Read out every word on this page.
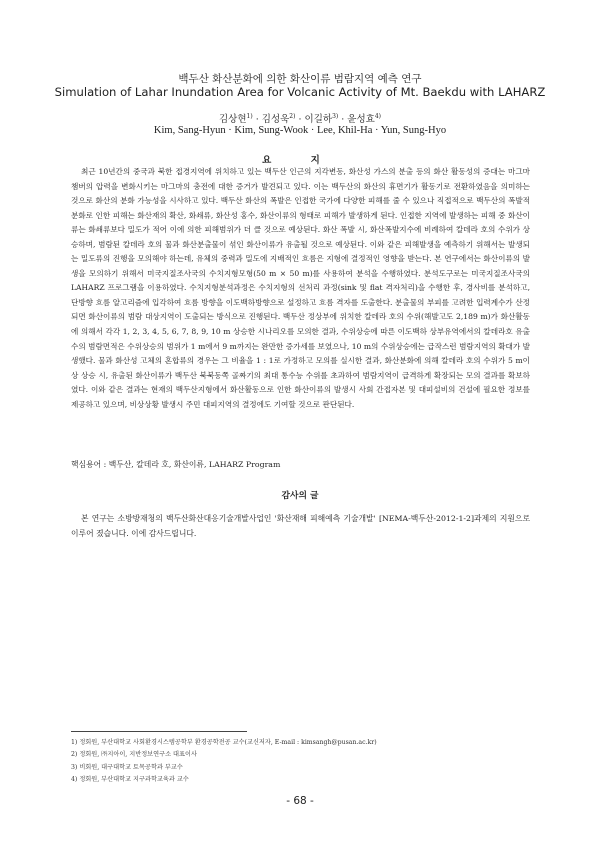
백두산 화산분화에 의한 화산이류 범람지역 예측 연구
Simulation of Lahar Inundation Area for Volcanic Activity of Mt. Baekdu with LAHARZ
김상현$^{1)}$ · 김성욱$^{2)}$ · 이길하$^{3)}$ · 윤성효$^{4)}$
Kim, Sang-Hyun · Kim, Sung-Wook · Lee, Khil-Ha · Yun, Sung-Hyo
요 지

최근 10년간의 중국과 북한 접경지역에 위치하고 있는 백두산 인근의 지각변동, 화산성 가스의 분출 등의 화산 활동성의 증대는 마그마 챔버의 압력을 변화시키는 마그마의 충전에 대한 증거가 발견되고 있다. 이는 백두산의 화산의 휴면기가 활동기로 전환하였음을 의미하는 것으로 화산의 분화 가능성을 시사하고 있다. 백두산 화산의 폭발은 인접한 국가에 다양한 피해를 줄 수 있으나 직접적으로 백두산의 폭발적 분화로 인한 피해는 화산재의 확산, 화쇄류, 화산성 홍수, 화산이류의 형태로 피해가 발생하게 된다. 인접한 지역에 발생하는 피해 중 화산이류는 화쇄류보다 밀도가 적어 이에 의한 피해범위가 더 클 것으로 예상된다. 화산 폭발 시, 화산폭발지수에 비례하여 칼데라 호의 수위가 상승하며, 범람된 칼데라 호의 물과 화산분출물이 섞인 화산이류가 유출될 것으로 예상된다. 이와 같은 피해발생을 예측하기 위해서는 발생되는 밀도류의 진행을 모의해야 하는데, 유체의 중력과 밀도에 지배적인 흐름은 지형에 결정적인 영향을 받는다. 본 연구에서는 화산이류의 발생을 모의하기 위해서 미국지질조사국의 수치지형모형(50 m × 50 m)를 사용하여 분석을 수행하였다. 분석도구로는 미국지질조사국의 LAHARZ 프로그램을 이용하였다. 수치지형분석과정은 수치지형의 선처리 과정(sink 및 flat 격자처리)을 수행한 후, 경사비를 분석하고, 단방향 흐름 알고리즘에 입각하여 흐름 방향을 이도백하방향으로 설정하고 흐름 격자를 도출한다. 분출물의 부피를 고려한 입력계수가 산정되면 화산이류의 범람 대상지역이 도출되는 방식으로 진행된다. 백두산 정상부에 위치한 칼데라 호의 수위(해발고도 2,189 m)가 화산활동에 의해서 각각 1, 2, 3, 4, 5, 6, 7, 8, 9, 10 m 상승한 시나리오를 모의한 결과, 수위상승에 따른 이도백하 상부유역에서의 칼데라호 유출수의 범람면적은 수위상승의 범위가 1 m에서 9 m까지는 완만한 증가세를 보였으나, 10 m의 수위상승에는 급작스런 범람지역의 확대가 발생했다. 물과 화산성 고체의 혼합류의 경우는 그 비율을 1 : 1로 가정하고 모의를 실시한 결과, 화산분화에 의해 칼데라 호의 수위가 5 m이상 상승 시, 유출된 화산이류가 백두산 북북동쪽 골짜기의 최대 통수능 수위를 초과하여 범람지역이 급격하게 확장되는 모의 결과를 확보하였다. 이와 같은 결과는 현재의 백두산지형에서 화산활동으로 인한 화산이류의 발생시 사회 간접자본 및 대피설비의 건설에 필요한 정보를 제공하고 있으며, 비상상황 발생시 주민 대피지역의 결정에도 기여할 것으로 판단된다.

핵심용어 : 백두산, 칼데라 호, 화산이류, LAHARZ Program
감사의 글

본 연구는 소방방재청의 백두산화산대응기술개발사업인 '화산재해 피해예측 기술개발' [NEMA-백두산-2012-1-2]과제의 지원으로 이루어 졌습니다. 이에 감사드립니다.

1) 정회원, 부산대학교 사회환경시스템공학부 환경공학전공 교수(교신저자, E-mail : kimsangh@pusan.ac.kr)
2) 정회원, ㈜지아이, 지반정보연구소 대표이사
3) 비회원, 대구대학교 토목공학과 부교수
4) 정회원, 부산대학교 지구과학교육과 교수
- 68 -
